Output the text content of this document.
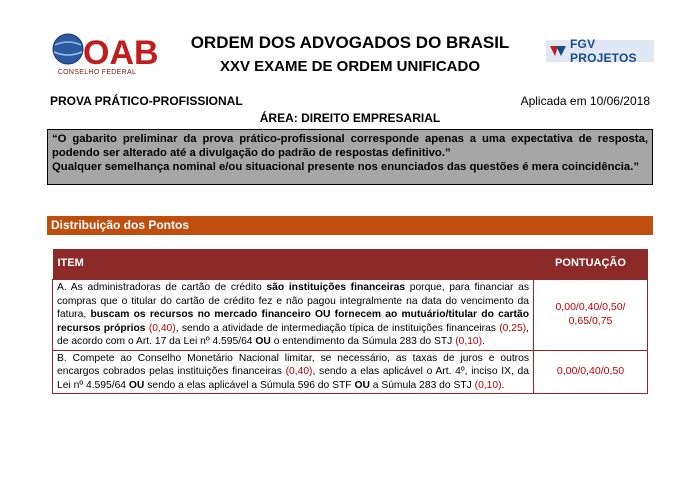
OAB
CONSELHO FEDERAL
ORDEM DOS ADVOGADOS DO BRASIL
XXV EXAME DE ORDEM UNIFICADO
FGV PROJETOS
PROVA PRÁTICO-PROFISSIONAL	Aplicada em 10/06/2018
ÁREA: DIREITO EMPRESARIAL
“O gabarito preliminar da prova prático-profissional corresponde apenas a uma expectativa de resposta, podendo ser alterado até a divulgação do padrão de respostas definitivo.”
Qualquer semelhança nominal e/ou situacional presente nos enunciados das questões é mera coincidência.”
Distribuição dos Pontos
ITEM	PONTUAÇÃO
A. As administradoras de cartão de crédito são instituições financeiras porque, para financiar as compras que o titular do cartão de crédito fez e não pagou integralmente na data do vencimento da fatura, buscam os recursos no mercado financeiro OU fornecem ao mutuário/titular do cartão recursos próprios (0,40), sendo a atividade de intermediação típica de instituições financeiras (0,25), de acordo com o Art. 17 da Lei nº 4.595/64 OU o entendimento da Súmula 283 do STJ (0,10).	0,00/0,40/0,50/
0,65/0,75
B. Compete ao Conselho Monetário Nacional limitar, se necessário, as taxas de juros e outros encargos cobrados pelas instituições financeiras (0,40), sendo a elas aplicável o Art. 4º, inciso IX, da Lei nº 4.595/64 OU sendo a elas aplicável a Súmula 596 do STF OU a Súmula 283 do STJ (0,10).	0,00/0,40/0,50
